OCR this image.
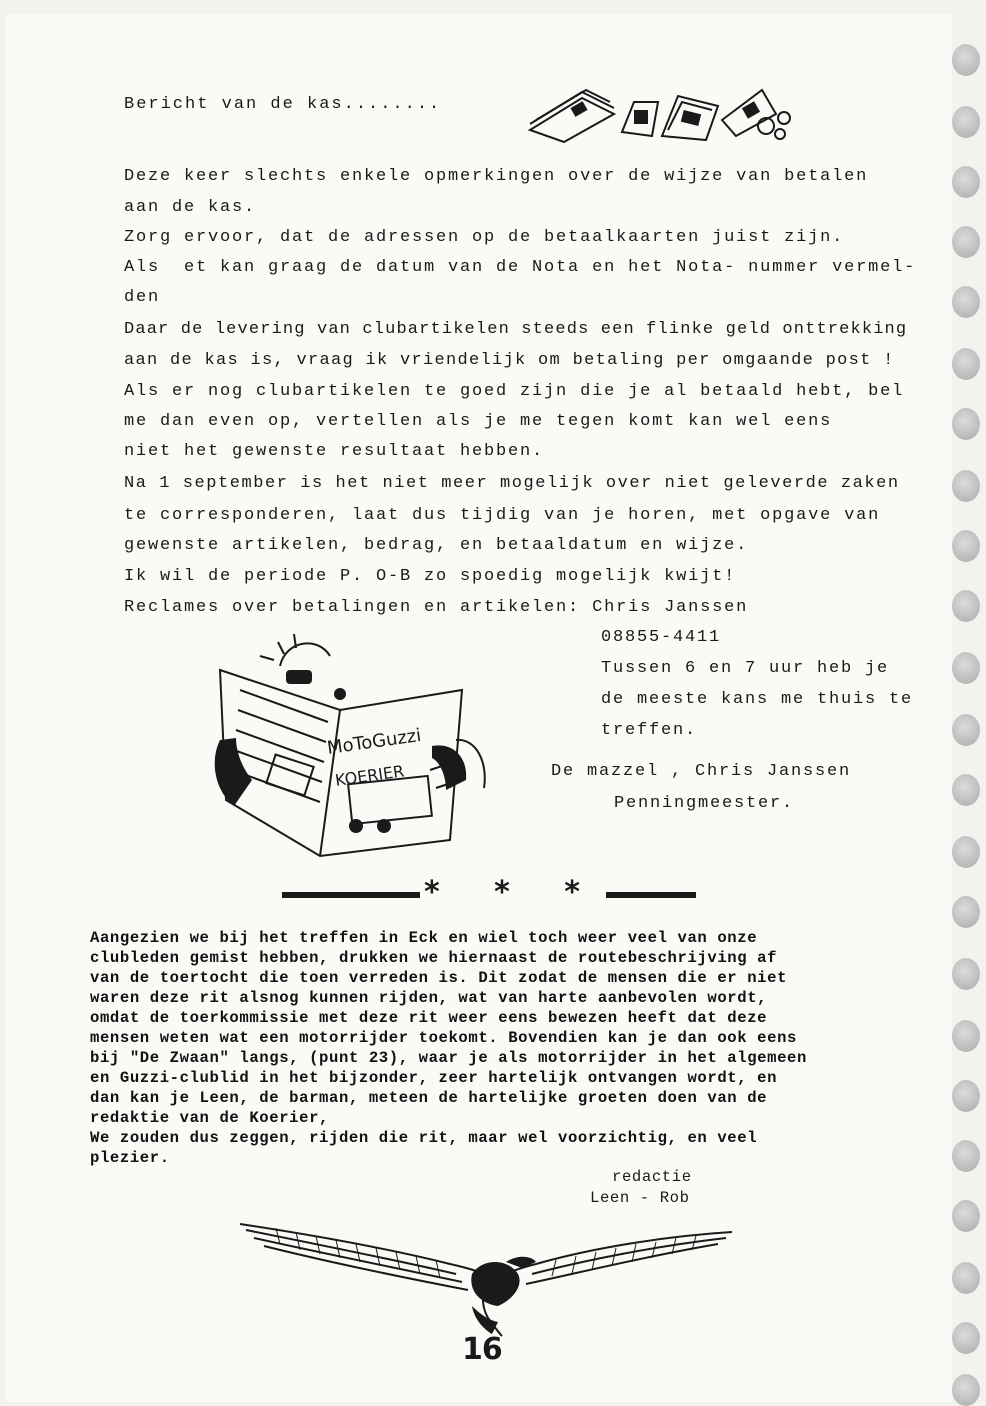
Bericht van de kas........
Deze keer slechts enkele opmerkingen over de wijze van betalen
aan de kas.
Zorg ervoor, dat de adressen op de betaalkaarten juist zijn.
Als  et kan graag de datum van de Nota en het Nota- nummer vermel-
den
Daar de levering van clubartikelen steeds een flinke geld onttrekking
aan de kas is, vraag ik vriendelijk om betaling per omgaande post !
Als er nog clubartikelen te goed zijn die je al betaald hebt, bel
me dan even op, vertellen als je me tegen komt kan wel eens
niet het gewenste resultaat hebben.
Na 1 september is het niet meer mogelijk over niet geleverde zaken
te corresponderen, laat dus tijdig van je horen, met opgave van
gewenste artikelen, bedrag, en betaaldatum en wijze.
Ik wil de periode P. O-B zo spoedig mogelijk kwijt!
Reclames over betalingen en artikelen: Chris Janssen
08855-4411
Tussen 6 en 7 uur heb je
de meeste kans me thuis te
treffen.
De mazzel , Chris Janssen
Penningmeester.
MoToGuzzi
KOERIER
* * *
Aangezien we bij het treffen in Eck en wiel toch weer veel van onze
clubleden gemist hebben, drukken we hiernaast de routebeschrijving af
van de toertocht die toen verreden is. Dit zodat de mensen die er niet
waren deze rit alsnog kunnen rijden, wat van harte aanbevolen wordt,
omdat de toerkommissie met deze rit weer eens bewezen heeft dat deze
mensen weten wat een motorrijder toekomt. Bovendien kan je dan ook eens
bij "De Zwaan" langs, (punt 23), waar je als motorrijder in het algemeen
en Guzzi-clublid in het bijzonder, zeer hartelijk ontvangen wordt, en
dan kan je Leen, de barman, meteen de hartelijke groeten doen van de
redaktie van de Koerier,
We zouden dus zeggen, rijden die rit, maar wel voorzichtig, en veel
plezier.
redactie
Leen - Rob
16
